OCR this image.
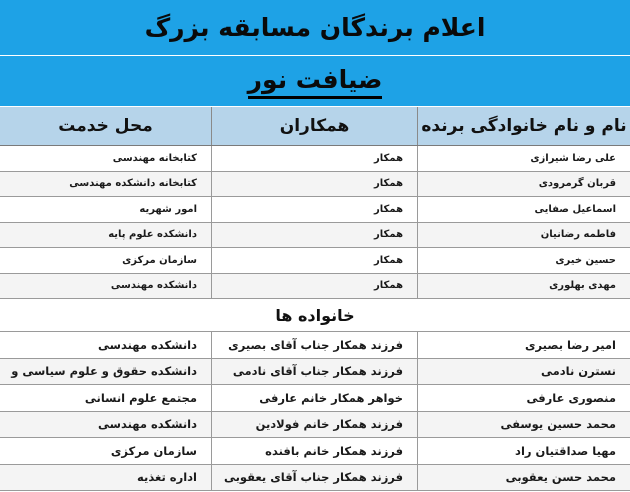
اعلام برندگان مسابقه بزرگ
ضیافت نور
نام و نام خانوادگی برنده
همکاران
محل خدمت
علی رضا شیرازی
همکار
کتابخانه مهندسی
قربان گرمرودی
همکار
کتابخانه دانشکده مهندسی
اسماعیل صفایی
همکار
امور شهریه
فاطمه رضانیان
همکار
دانشکده علوم پایه
حسین خیری
همکار
سازمان مرکزی
مهدی بهلوری
همکار
دانشکده مهندسی
خانواده ها
امیر رضا بصیری
فرزند همکار جناب آقای بصیری
دانشکده مهندسی
نسترن نادمی
فرزند همکار جناب آقای نادمی
دانشکده حقوق و علوم سیاسی و
منصوری عارفی
خواهر همکار خانم عارفی
مجتمع علوم انسانی
محمد حسین یوسفی
فرزند همکار خانم فولادین
دانشکده مهندسی
مهیا صداقتیان راد
فرزند همکار خانم بافنده
سازمان مرکزی
محمد حسن یعقوبی
فرزند همکار جناب آقای یعقوبی
اداره تغذیه
